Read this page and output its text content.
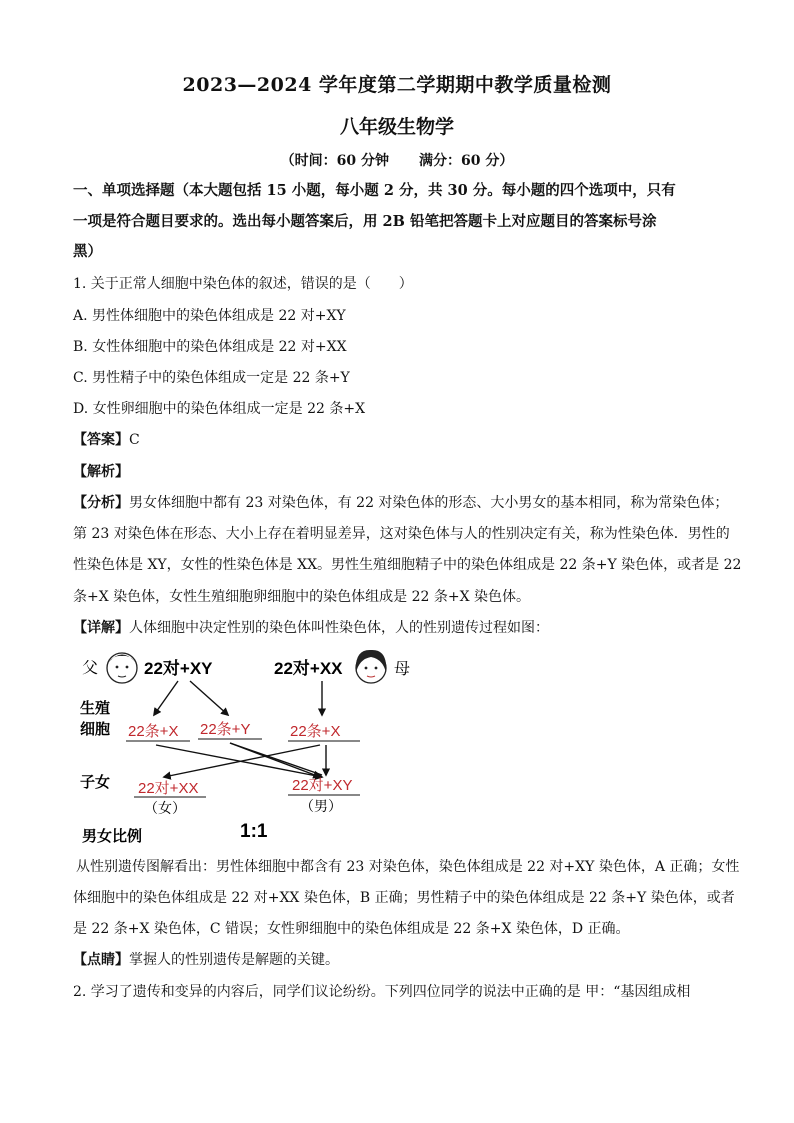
2023—2024 学年度第二学期期中教学质量检测
八年级生物学
（时间：60 分钟 满分：60 分）
一、单项选择题（本大题包括 15 小题，每小题 2 分，共 30 分。每小题的四个选项中，只有
一项是符合题目要求的。选出每小题答案后，用 2B 铅笔把答题卡上对应题目的答案标号涂
黑）
1. 关于正常人细胞中染色体的叙述，错误的是（　　）
A. 男性体细胞中的染色体组成是 22 对+XY
B. 女性体细胞中的染色体组成是 22 对+XX
C. 男性精子中的染色体组成一定是 22 条+Y
D. 女性卵细胞中的染色体组成一定是 22 条+X
【答案】C
【解析】
【分析】男女体细胞中都有 23 对染色体，有 22 对染色体的形态、大小男女的基本相同，称为常染色体；
第 23 对染色体在形态、大小上存在着明显差异，这对染色体与人的性别决定有关，称为性染色体．男性的
性染色体是 XY，女性的性染色体是 XX。男性生殖细胞精子中的染色体组成是 22 条+Y 染色体，或者是 22
条+X 染色体，女性生殖细胞卵细胞中的染色体组成是 22 条+X 染色体。
【详解】人体细胞中决定性别的染色体叫性染色体，人的性别遗传过程如图：
父	22对+XY	22对+XX	母
生殖
细胞 22条+X 22条+Y	22条+X
子女 22对+XX
（女）
22对+XY
（男）
男女比例	1:1
从性别遗传图解看出：男性体细胞中都含有 23 对染色体，染色体组成是 22 对+XY 染色体，A 正确；女性
体细胞中的染色体组成是 22 对+XX 染色体，B 正确；男性精子中的染色体组成是 22 条+Y 染色体，或者
是 22 条+X 染色体，C 错误；女性卵细胞中的染色体组成是 22 条+X 染色体，D 正确。
【点睛】掌握人的性别遗传是解题的关键。
2. 学习了遗传和变异的内容后，同学们议论纷纷。下列四位同学的说法中正确的是 甲：“基因组成相
